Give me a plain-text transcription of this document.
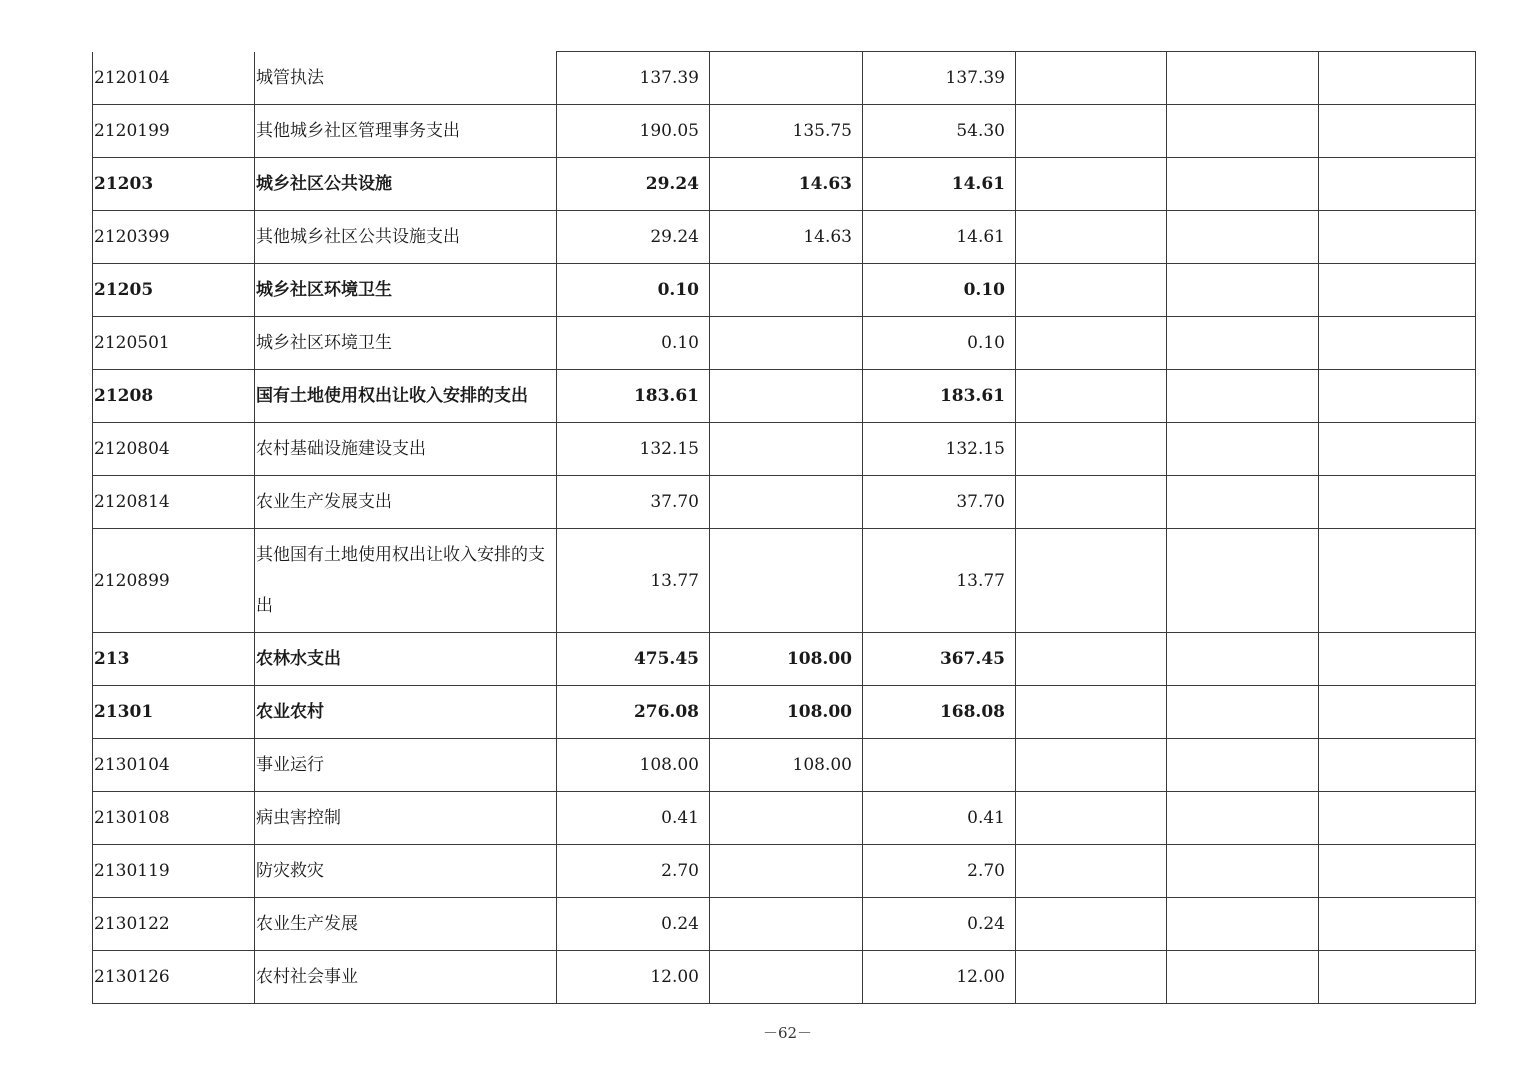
2120104	城管执法	137.39		137.39			
2120199	其他城乡社区管理事务支出	190.05	135.75	54.30			
21203	城乡社区公共设施	29.24	14.63	14.61			
2120399	其他城乡社区公共设施支出	29.24	14.63	14.61			
21205	城乡社区环境卫生	0.10		0.10			
2120501	城乡社区环境卫生	0.10		0.10			
21208	国有土地使用权出让收入安排的支出	183.61		183.61			
2120804	农村基础设施建设支出	132.15		132.15			
2120814	农业生产发展支出	37.70		37.70			
2120899	其他国有土地使用权出让收入安排的支出	13.77		13.77			
213	农林水支出	475.45	108.00	367.45			
21301	农业农村	276.08	108.00	168.08			
2130104	事业运行	108.00	108.00				
2130108	病虫害控制	0.41		0.41			
2130119	防灾救灾	2.70		2.70			
2130122	农业生产发展	0.24		0.24			
2130126	农村社会事业	12.00		12.00			
－62－
